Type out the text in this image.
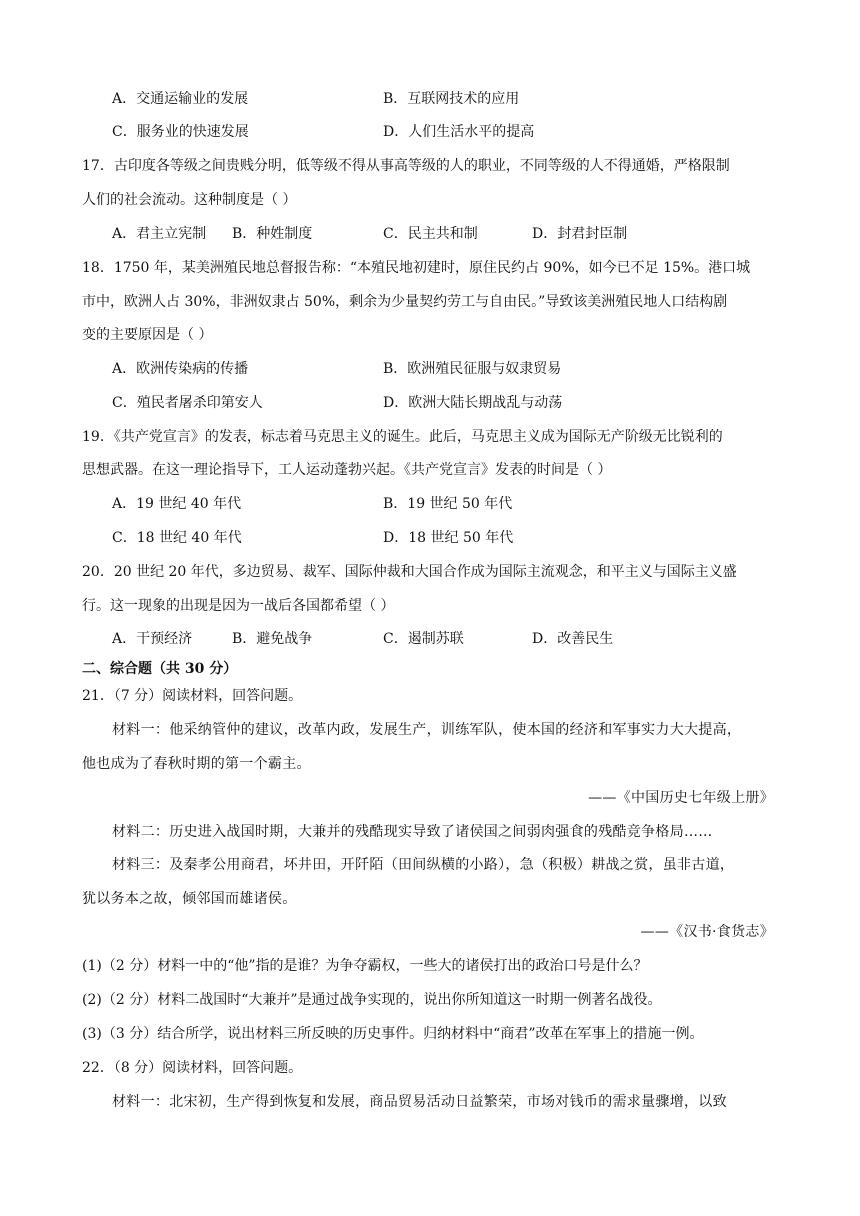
A．交通运输业的发展	B．互联网技术的应用
C．服务业的快速发展	D．人们生活水平的提高
17．古印度各等级之间贵贱分明，低等级不得从事高等级的人的职业，不同等级的人不得通婚，严格限制
人们的社会流动。这种制度是（ ）
A．君主立宪制 B．种姓制度	C．民主共和制	D．封君封臣制
18．1750 年，某美洲殖民地总督报告称：“本殖民地初建时，原住民约占 90%，如今已不足 15%。港口城
市中，欧洲人占 30%，非洲奴隶占 50%，剩余为少量契约劳工与自由民。”导致该美洲殖民地人口结构剧
变的主要原因是（ ）
A．欧洲传染病的传播	B．欧洲殖民征服与奴隶贸易
C．殖民者屠杀印第安人	D．欧洲大陆长期战乱与动荡
19．《共产党宣言》的发表，标志着马克思主义的诞生。此后，马克思主义成为国际无产阶级无比锐利的
思想武器。在这一理论指导下，工人运动蓬勃兴起。《共产党宣言》发表的时间是（ ）
A．19 世纪 40 年代	B．19 世纪 50 年代
C．18 世纪 40 年代	D．18 世纪 50 年代
20．20 世纪 20 年代，多边贸易、裁军、国际仲裁和大国合作成为国际主流观念，和平主义与国际主义盛
行。这一现象的出现是因为一战后各国都希望（ ）
A．干预经济	B．避免战争	C．遏制苏联	D．改善民生
二、综合题（共 30 分）
21．（7 分）阅读材料，回答问题。
材料一：他采纳管仲的建议，改革内政，发展生产，训练军队，使本国的经济和军事实力大大提高，
他也成为了春秋时期的第一个霸主。
——《中国历史七年级上册》
材料二：历史进入战国时期，大兼并的残酷现实导致了诸侯国之间弱肉强食的残酷竞争格局……
材料三：及秦孝公用商君，坏井田，开阡陌（田间纵横的小路），急（积极）耕战之赏，虽非古道，
犹以务本之故，倾邻国而雄诸侯。
——《汉书·食货志》
(1)（2 分）材料一中的“他”指的是谁？为争夺霸权，一些大的诸侯打出的政治口号是什么？
(2)（2 分）材料二战国时“大兼并”是通过战争实现的，说出你所知道这一时期一例著名战役。
(3)（3 分）结合所学，说出材料三所反映的历史事件。归纳材料中“商君”改革在军事上的措施一例。
22．（8 分）阅读材料，回答问题。
材料一：北宋初，生产得到恢复和发展，商品贸易活动日益繁荣，市场对钱币的需求量骤增，以致
